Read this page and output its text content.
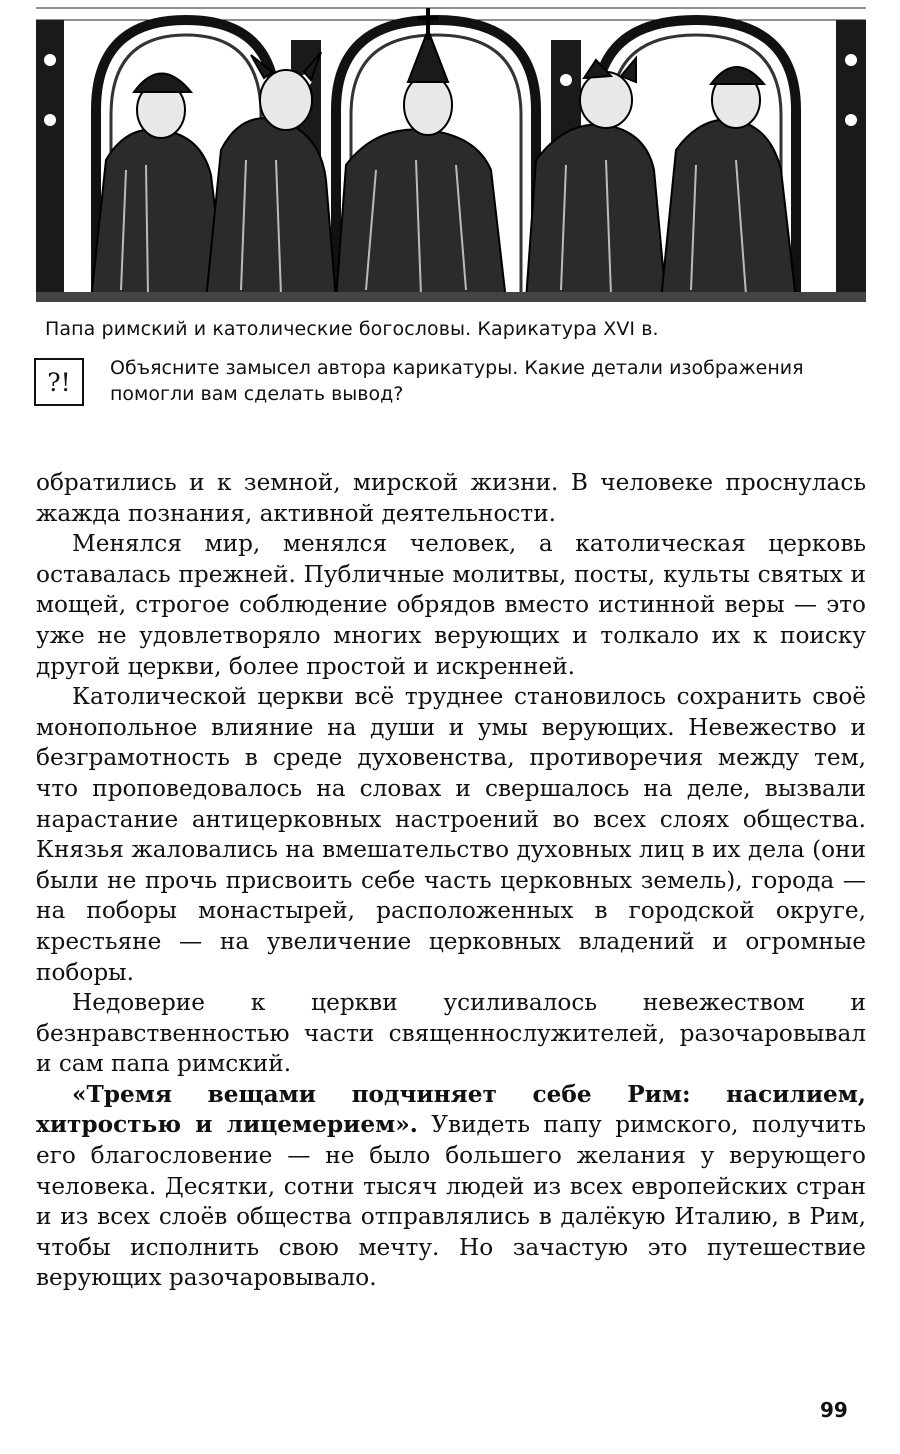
Папа римский и католические богословы. Карикатура XVI в.
?!	Объясните замысел автора карикатуры. Какие детали изображения помогли вам сделать вывод?

обратились и к земной, мирской жизни. В человеке проснулась жажда познания, активной деятельности.

Менялся мир, менялся человек, а католическая церковь оставалась прежней. Публичные молитвы, посты, культы святых и мощей, строгое соблюдение обрядов вместо истинной веры — это уже не удовлетворяло многих верующих и толкало их к поиску другой церкви, более простой и искренней.

Католической церкви всё труднее становилось сохранить своё монопольное влияние на души и умы верующих. Невежество и безграмотность в среде духовенства, противоречия между тем, что проповедовалось на словах и свершалось на деле, вызвали нарастание антицерковных настроений во всех слоях общества. Князья жаловались на вмешательство духовных лиц в их дела (они были не прочь присвоить себе часть церковных земель), города — на поборы монастырей, расположенных в городской округе, крестьяне — на увеличение церковных владений и огромные поборы.

Недоверие к церкви усиливалось невежеством и безнравственностью части священнослужителей, разочаровывал и сам папа римский.

«Тремя вещами подчиняет себе Рим: насилием, хитростью и лицемерием». Увидеть папу римского, получить его благословение — не было большего желания у верующего человека. Десятки, сотни тысяч людей из всех европейских стран и из всех слоёв общества отправлялись в далёкую Италию, в Рим, чтобы исполнить свою мечту. Но зачастую это путешествие верующих разочаровывало.

99
